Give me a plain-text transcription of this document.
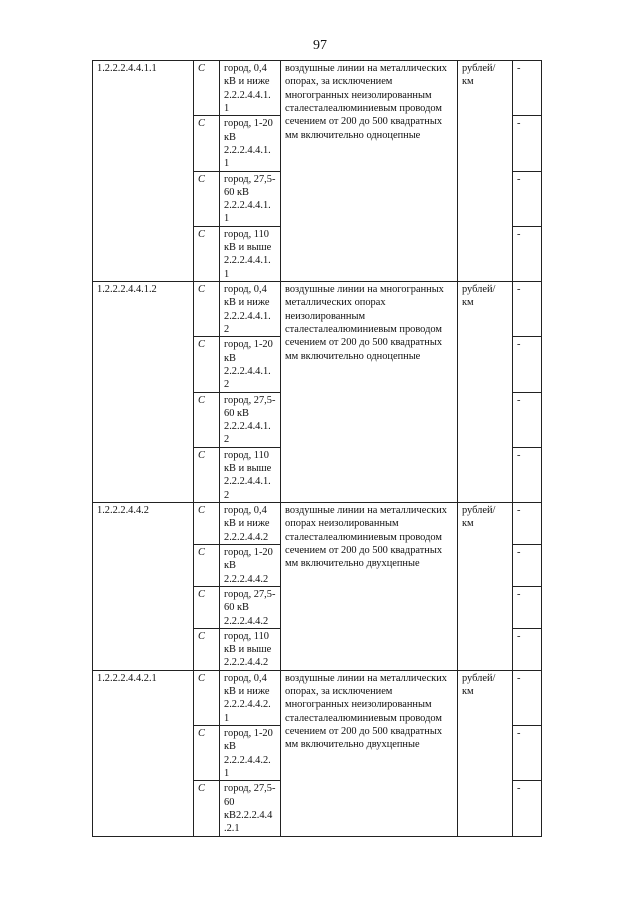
97
1.2.2.2.4.4.1.1	С	город, 0,4 кВ и ниже 2.2.2.4.4.1. 1	воздушные линии на металлических опорах, за исключением многогранных неизолированным сталесталеалюминиевым проводом сечением от 200 до 500 квадратных мм включительно одноцепные	рублей/ км	-
	С	город, 1-20 кВ 2.2.2.4.4.1. 1			-
	С	город, 27,5-60 кВ 2.2.2.4.4.1. 1			-
	С	город, 110 кВ и выше 2.2.2.4.4.1. 1			-
1.2.2.2.4.4.1.2	С	город, 0,4 кВ и ниже 2.2.2.4.4.1. 2	воздушные линии на многогранных металлических опорах неизолированным сталесталеалюминиевым проводом сечением от 200 до 500 квадратных мм включительно одноцепные	рублей/ км	-
	С	город, 1-20 кВ 2.2.2.4.4.1. 2			-
	С	город, 27,5-60 кВ 2.2.2.4.4.1. 2			-
	С	город, 110 кВ и выше 2.2.2.4.4.1. 2			-
1.2.2.2.4.4.2	С	город, 0,4 кВ и ниже 2.2.2.4.4.2	воздушные линии на металлических опорах неизолированным сталесталеалюминиевым проводом сечением от 200 до 500 квадратных мм включительно двухцепные	рублей/ км	-
	С	город, 1-20 кВ 2.2.2.4.4.2			-
	С	город, 27,5-60 кВ 2.2.2.4.4.2			-
	С	город, 110 кВ и выше 2.2.2.4.4.2			-
1.2.2.2.4.4.2.1	С	город, 0,4 кВ и ниже 2.2.2.4.4.2. 1	воздушные линии на металлических опорах, за исключением многогранных неизолированным сталесталеалюминиевым проводом сечением от 200 до 500 квадратных мм включительно двухцепные	рублей/ км	-
	С	город, 1-20 кВ 2.2.2.4.4.2. 1			-
	С	город, 27,5-60 кВ2.2.2.4.4 .2.1			-
